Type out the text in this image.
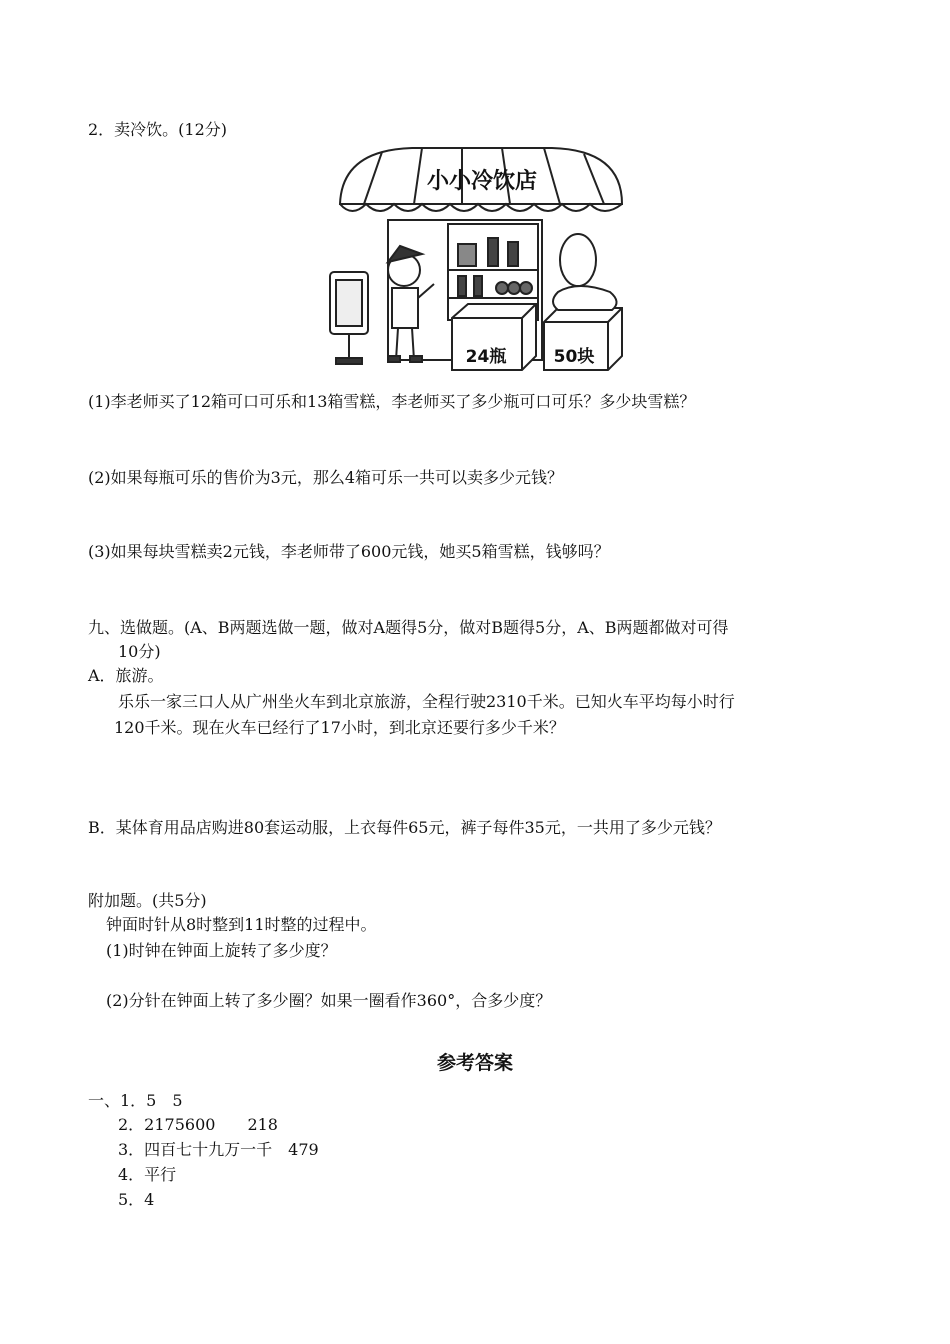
2．卖冷饮。(12分)
小小冷饮店
24瓶	50块
(1)李老师买了12箱可口可乐和13箱雪糕，李老师买了多少瓶可口可乐？多少块雪糕？
(2)如果每瓶可乐的售价为3元，那么4箱可乐一共可以卖多少元钱？
(3)如果每块雪糕卖2元钱，李老师带了600元钱，她买5箱雪糕，钱够吗？
九、选做题。(A、B两题选做一题，做对A题得5分，做对B题得5分，A、B两题都做对可得
10分)
A．旅游。
乐乐一家三口人从广州坐火车到北京旅游，全程行驶2310千米。已知火车平均每小时行
120千米。现在火车已经行了17小时，到北京还要行多少千米？
B．某体育用品店购进80套运动服，上衣每件65元，裤子每件35元，一共用了多少元钱？
附加题。(共5分)
钟面时针从8时整到11时整的过程中。
(1)时钟在钟面上旋转了多少度？
(2)分针在钟面上转了多少圈？如果一圈看作360°，合多少度？
参考答案
一、1．5　5
2．2175600　　218
3．四百七十九万一千　479
4．平行
5．4
